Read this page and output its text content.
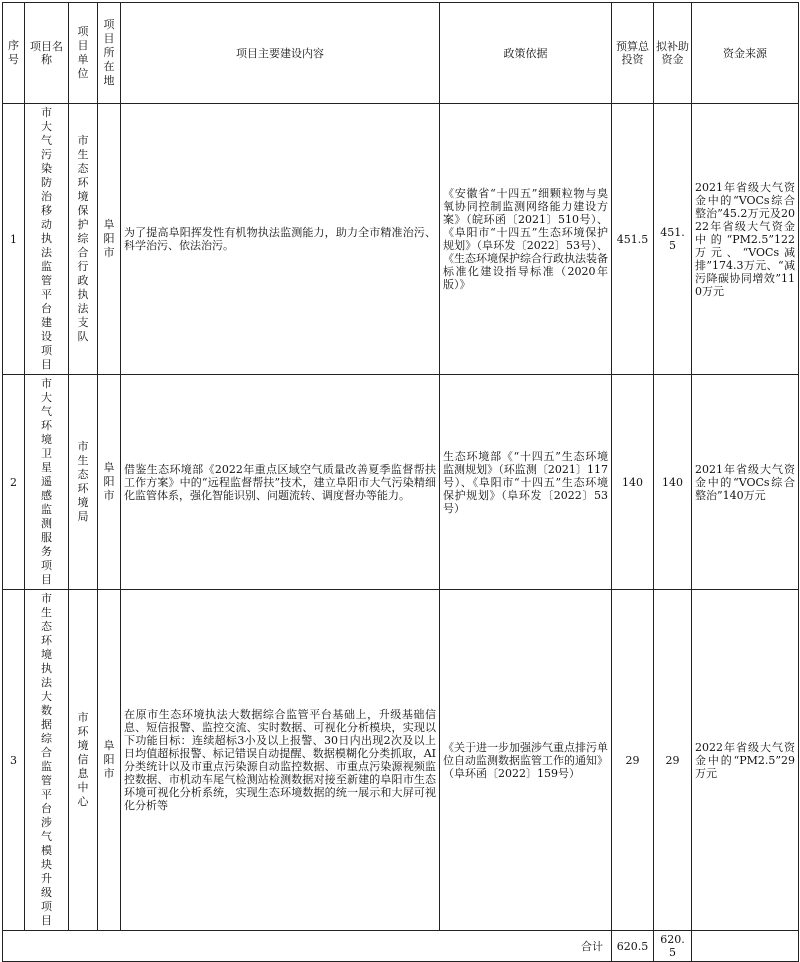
序号	项目名称	项目单位	项目所在地	项目主要建设内容	政策依据	预算总投资	拟补助资金	资金来源
1	市大气污染防治移动执法监管平台建设项目	市生态环境保护综合行政执法支队	阜阳市	为了提高阜阳挥发性有机物执法监测能力，助力全市精准治污、科学治污、依法治污。	《安徽省“十四五”细颗粒物与臭氧协同控制监测网络能力建设方案》（皖环函〔2021〕510号）、《阜阳市“十四五”生态环境保护规划》（阜环发〔2022〕53号）、《生态环境保护综合行政执法装备标准化建设指导标准（2020年版）》	451.5	451.5	2021年省级大气资金中的“VOCs综合整治”45.2万元及2022年省级大气资金中的“PM2.5”122万元、“VOCs减排”174.3万元、“减污降碳协同增效”110万元
2	市大气环境卫星遥感监测服务项目	市生态环境局	阜阳市	借鉴生态环境部《2022年重点区域空气质量改善夏季监督帮扶工作方案》中的“远程监督帮扶”技术，建立阜阳市大气污染精细化监管体系，强化智能识别、问题流转、调度督办等能力。	生态环境部《“十四五”生态环境监测规划》（环监测〔2021〕117号）、《阜阳市“十四五”生态环境保护规划》（阜环发〔2022〕53号）	140	140	2021年省级大气资金中的“VOCs综合整治”140万元
3	市生态环境执法大数据综合监管平台涉气模块升级项目	市环境信息中心	阜阳市	在原市生态环境执法大数据综合监管平台基础上，升级基础信息、短信报警、监控交流、实时数据、可视化分析模块，实现以下功能目标：连续超标3小及以上报警、30日内出现2次及以上日均值超标报警、标记错误自动提醒、数据模糊化分类抓取，AI分类统计以及市重点污染源自动监控数据、市重点污染源视频监控数据、市机动车尾气检测站检测数据对接至新建的阜阳市生态环境可视化分析系统，实现生态环境数据的统一展示和大屏可视化分析等	《关于进一步加强涉气重点排污单位自动监测数据监管工作的通知》（阜环函〔2022〕159号）	29	29	2022年省级大气资金中的“PM2.5”29万元
合计						620.5	620.5	
